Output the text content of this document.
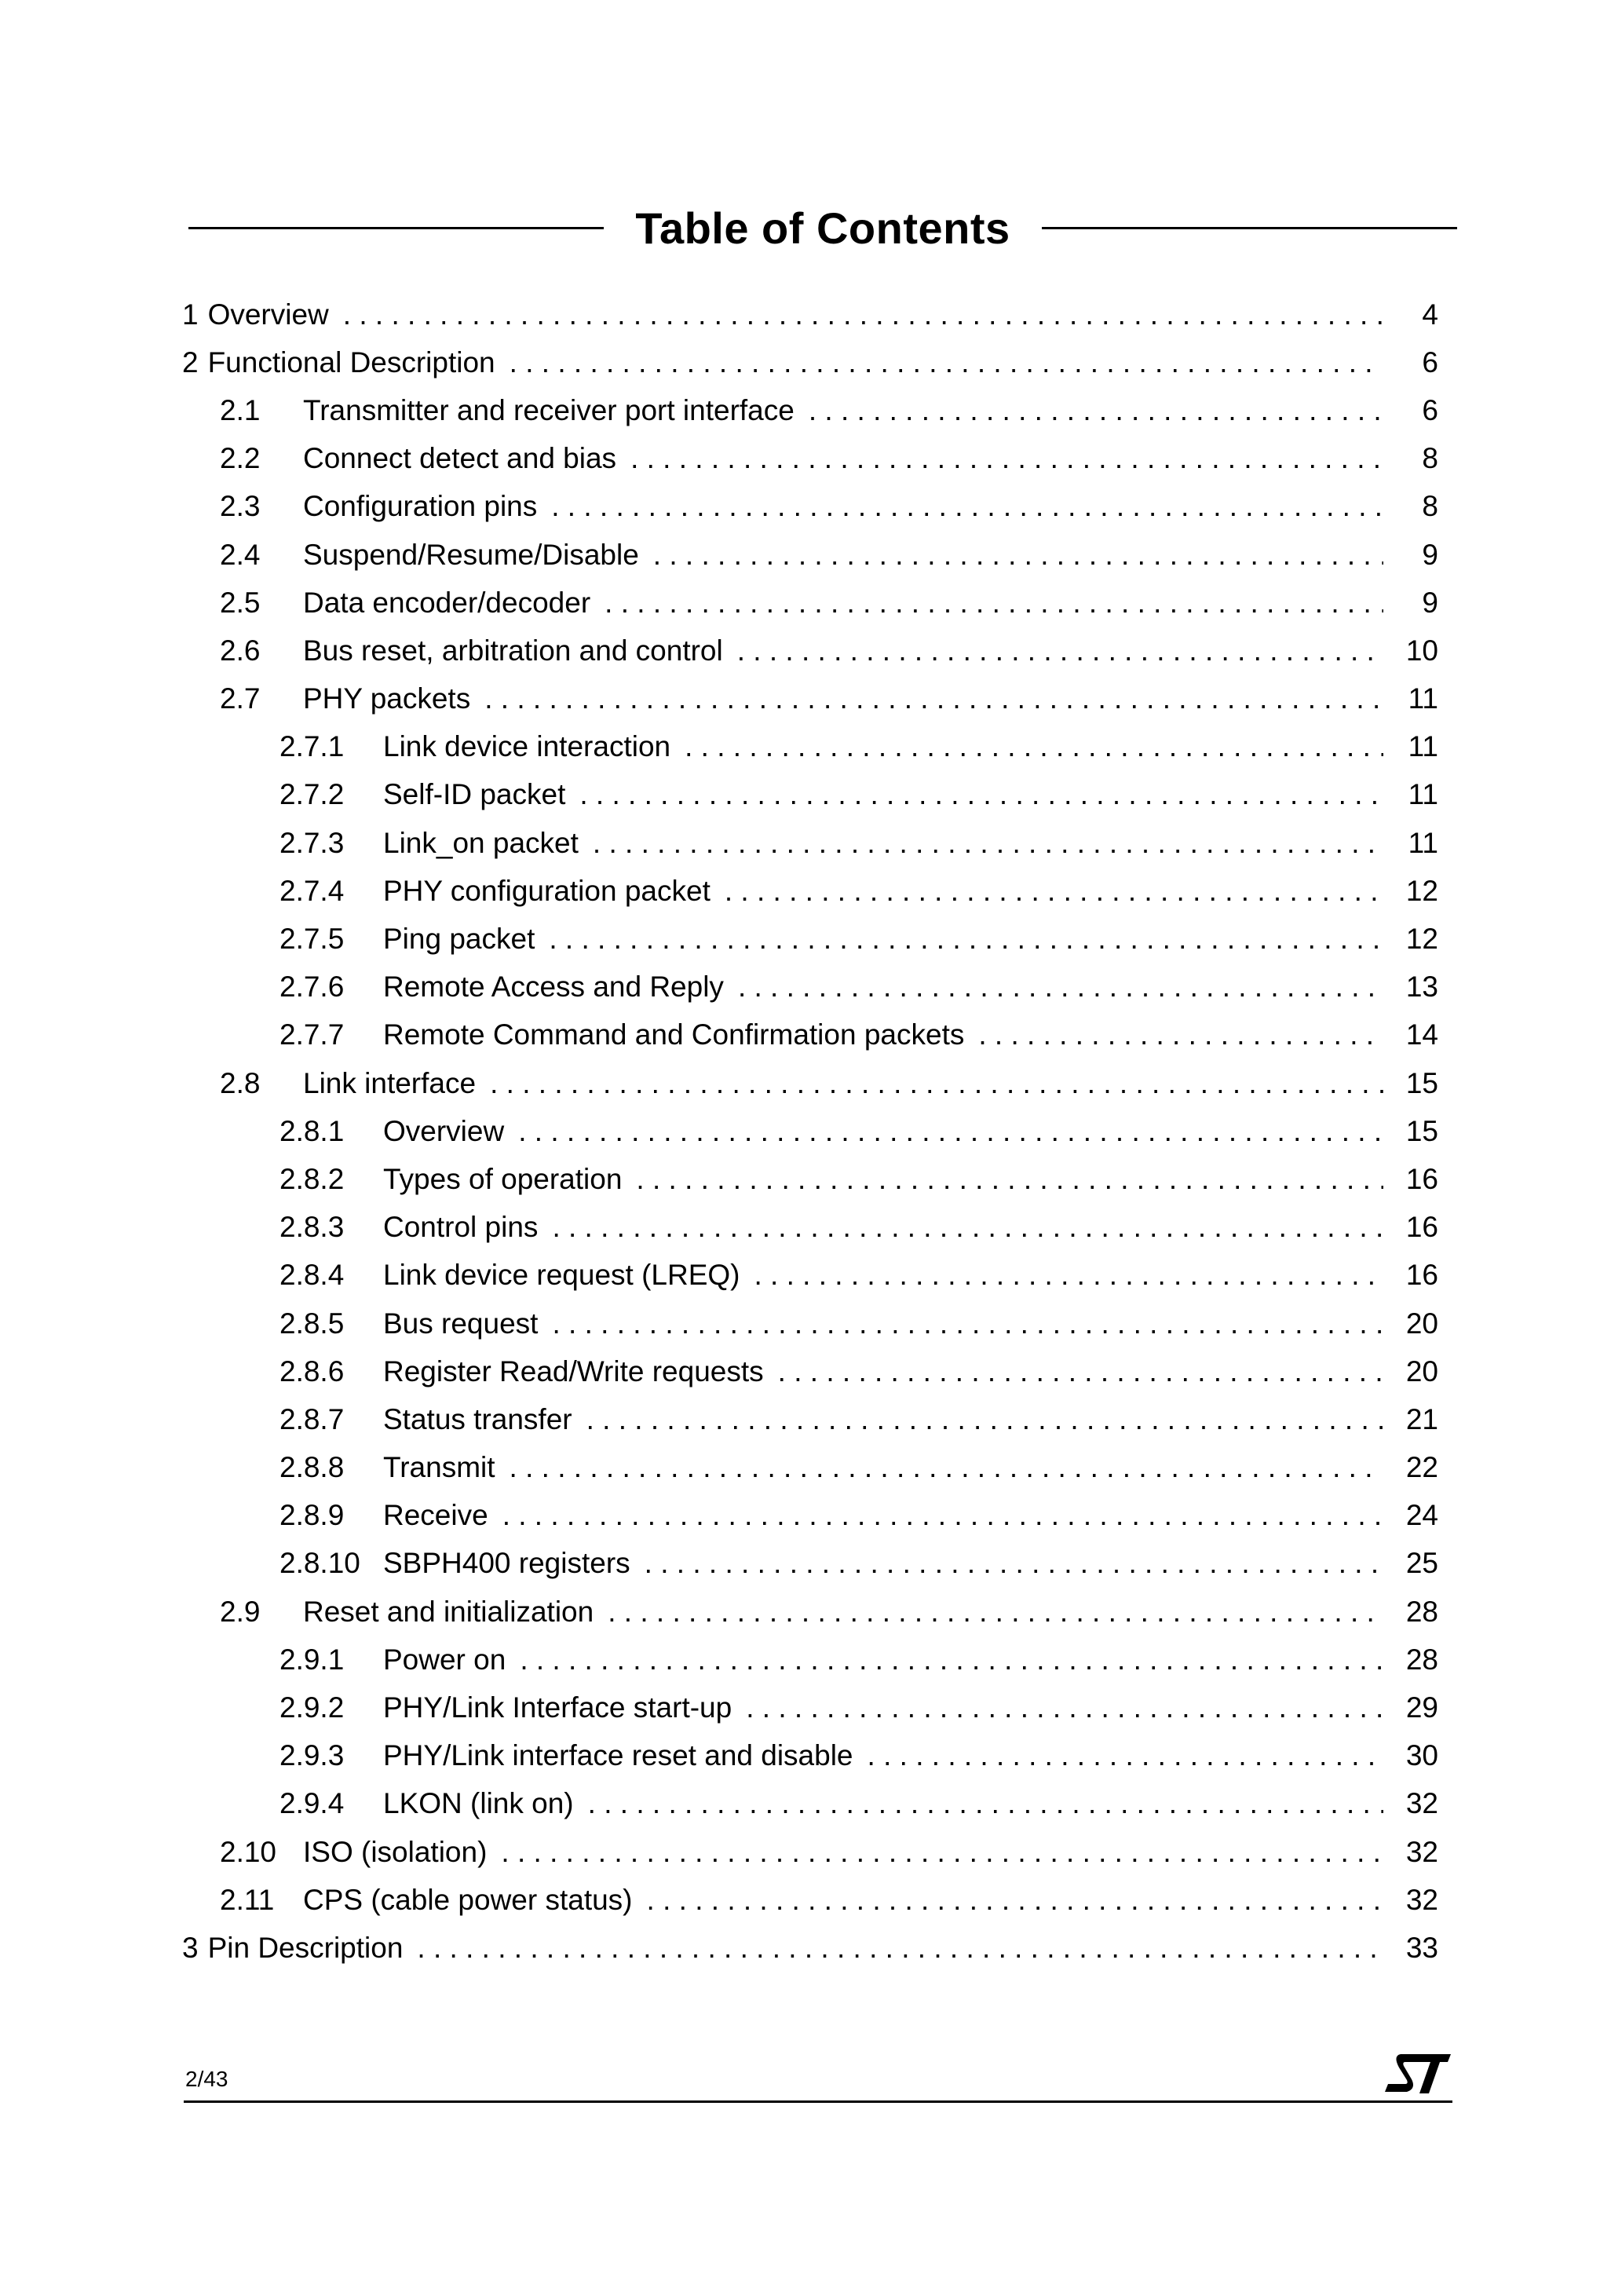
Table of Contents
1 Overview . . .	4
2 Functional Description . . .	6
2.1	Transmitter and receiver port interface . . .	6
2.2	Connect detect and bias . . .	8
2.3	Configuration pins . . .	8
2.4	Suspend/Resume/Disable . . .	9
2.5	Data encoder/decoder . . .	9
2.6	Bus reset, arbitration and control . . .	10
2.7	PHY packets . . .	11
2.7.1	Link device interaction . . .	11
2.7.2	Self-ID packet . . .	11
2.7.3	Link_on packet . . .	11
2.7.4	PHY configuration packet . . .	12
2.7.5	Ping packet . . .	12
2.7.6	Remote Access and Reply . . .	13
2.7.7	Remote Command and Confirmation packets . . .	14
2.8	Link interface . . .	15
2.8.1	Overview . . .	15
2.8.2	Types of operation . . .	16
2.8.3	Control pins . . .	16
2.8.4	Link device request (LREQ) . . .	16
2.8.5	Bus request . . .	20
2.8.6	Register Read/Write requests . . .	20
2.8.7	Status transfer . . .	21
2.8.8	Transmit . . .	22
2.8.9	Receive . . .	24
2.8.10 SBPH400 registers . . .	25
2.9	Reset and initialization . . .	28
2.9.1	Power on . . .	28
2.9.2	PHY/Link Interface start-up . . .	29
2.9.3	PHY/Link interface reset and disable . . .	30
2.9.4	LKON (link on) . . .	32
2.10 ISO (isolation) . . .	32
2.11 CPS (cable power status) . . .	32
3 Pin Description . . .	33
2/43
